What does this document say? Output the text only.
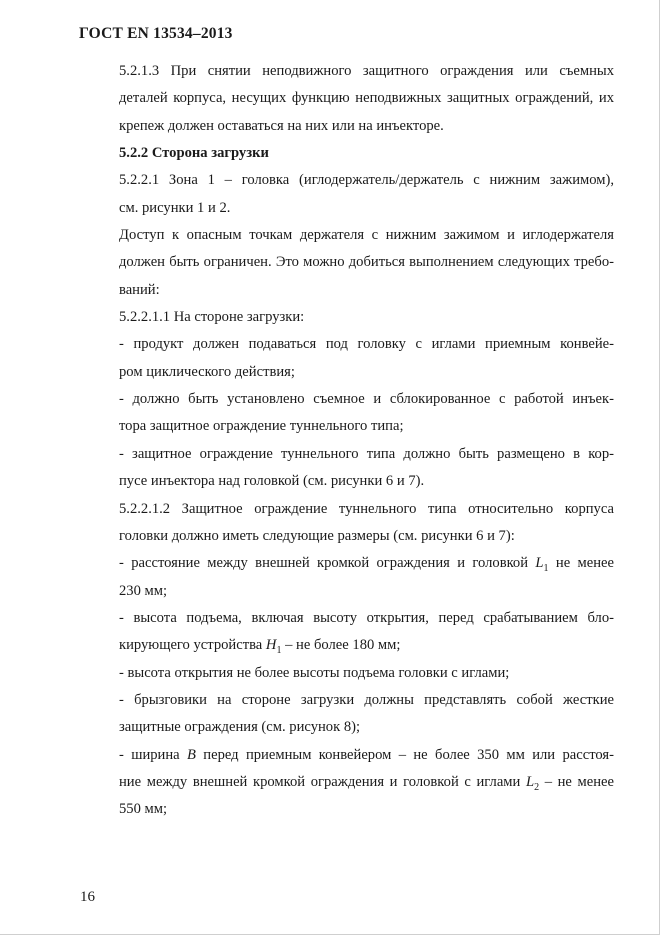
ГОСТ EN 13534–2013

5.2.1.3 При снятии неподвижного защитного ограждения или съемных
деталей корпуса, несущих функцию неподвижных защитных ограждений, их
крепеж должен оставаться на них или на инъекторе.

5.2.2 Сторона загрузки

5.2.2.1 Зона 1 – головка (иглодержатель/держатель с нижним зажимом),
см. рисунки 1 и 2.

Доступ к опасным точкам держателя с нижним зажимом и иглодержателя
должен быть ограничен. Это можно добиться выполнением следующих требо-
ваний:

5.2.2.1.1 На стороне загрузки:

- продукт должен подаваться под головку с иглами приемным конвейе-
ром циклического действия;

- должно быть установлено съемное и сблокированное с работой инъек-
тора защитное ограждение туннельного типа;

- защитное ограждение туннельного типа должно быть размещено в кор-
пусе инъектора над головкой (см. рисунки 6 и 7).

5.2.2.1.2 Защитное ограждение туннельного типа относительно корпуса
головки должно иметь следующие размеры (см. рисунки 6 и 7):

- расстояние между внешней кромкой ограждения и головкой $L_1$ не менее
230 мм;

- высота подъема, включая высоту открытия, перед срабатыванием бло-
кирующего устройства $H_1$ – не более 180 мм;

- высота открытия не более высоты подъема головки с иглами;

- брызговики на стороне загрузки должны представлять собой жесткие
защитные ограждения (см. рисунок 8);

- ширина B перед приемным конвейером – не более 350 мм или расстоя-
ние между внешней кромкой ограждения и головкой с иглами $L_2$ – не менее
550 мм;

16
